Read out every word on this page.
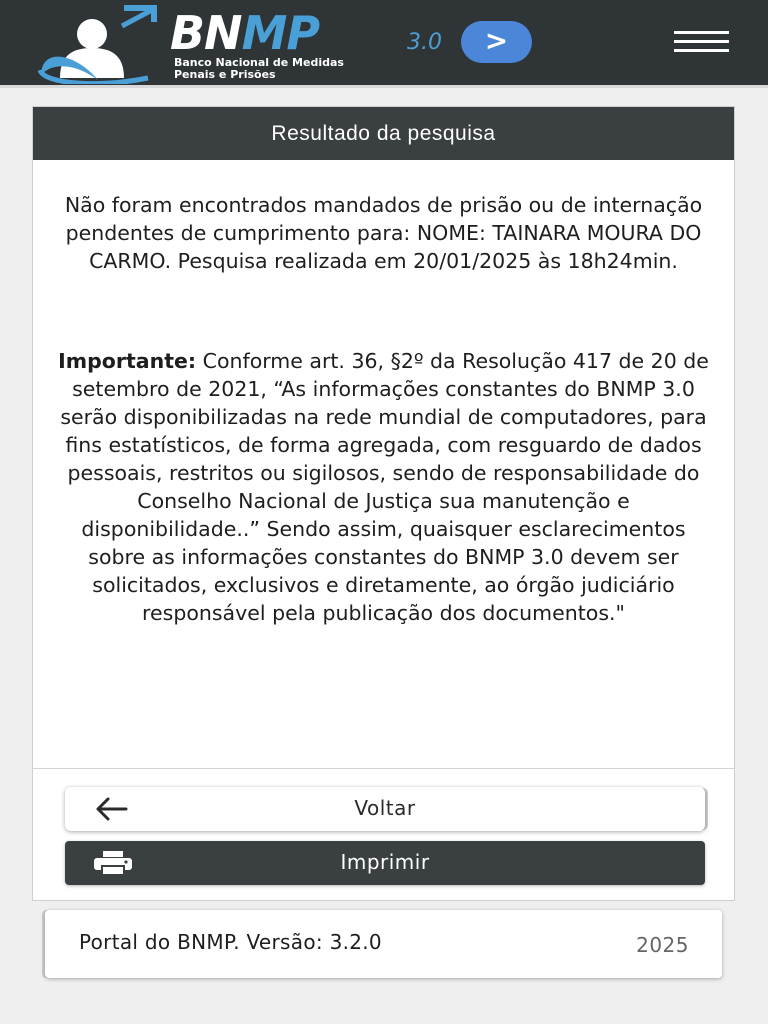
BNMP	3.0
Banco Nacional de Medidas
Penais e Prisões
>
Resultado da pesquisa

Não foram encontrados mandados de prisão ou de internação pendentes de cumprimento para: NOME: TAINARA MOURA DO CARMO. Pesquisa realizada em 20/01/2025 às 18h24min.

Importante: Conforme art. 36, §2º da Resolução 417 de 20 de setembro de 2021, “As informações constantes do BNMP 3.0 serão disponibilizadas na rede mundial de computadores, para fins estatísticos, de forma agregada, com resguardo de dados pessoais, restritos ou sigilosos, sendo de responsabilidade do Conselho Nacional de Justiça sua manutenção e disponibilidade..” Sendo assim, quaisquer esclarecimentos sobre as informações constantes do BNMP 3.0 devem ser solicitados, exclusivos e diretamente, ao órgão judiciário responsável pela publicação dos documentos."

Voltar
Imprimir
Portal do BNMP. Versão: 3.2.0	2025
